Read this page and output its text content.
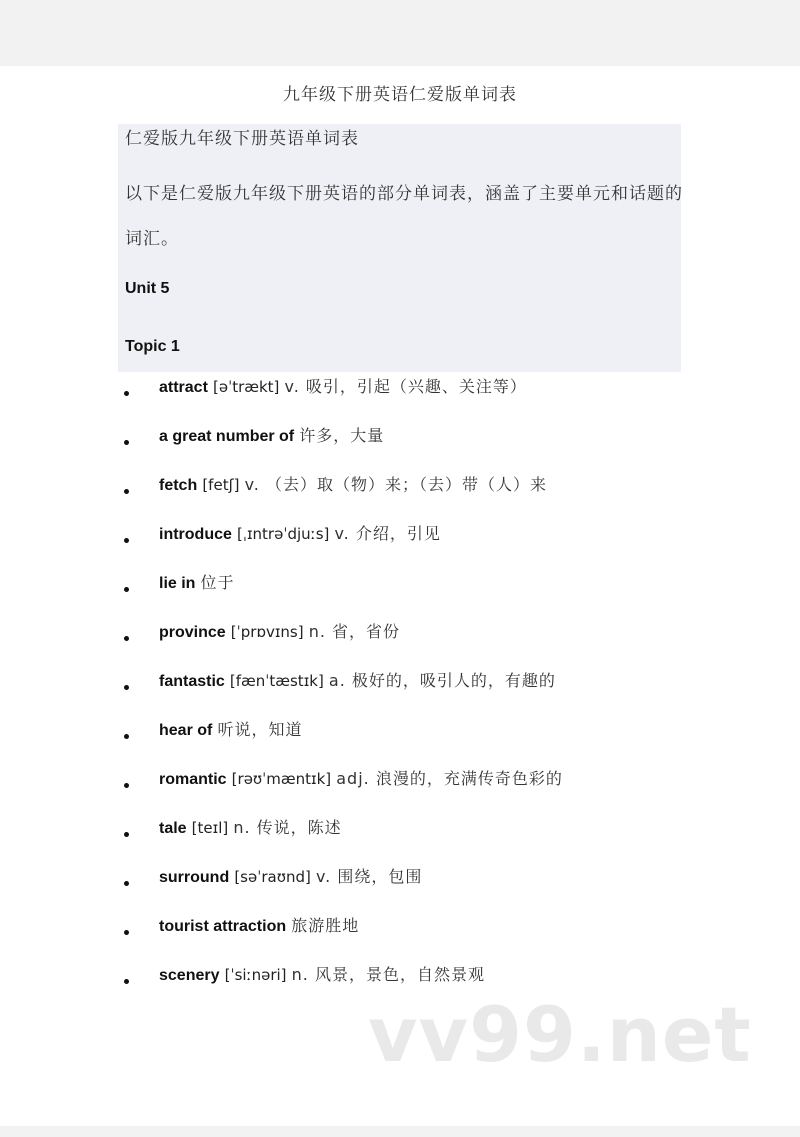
九年级下册英语仁爱版单词表
仁爱版九年级下册英语单词表
以下是仁爱版九年级下册英语的部分单词表，涵盖了主要单元和话题的词汇。
Unit 5
Topic 1
attract [əˈtrækt] v. 吸引，引起（兴趣、关注等）
a great number of 许多，大量
fetch [fetʃ] v. （去）取（物）来；（去）带（人）来
introduce [ˌɪntrəˈdjuːs] v. 介绍，引见
lie in 位于
province [ˈprɒvɪns] n. 省，省份
fantastic [fænˈtæstɪk] a. 极好的，吸引人的，有趣的
hear of 听说，知道
romantic [rəʊˈmæntɪk] adj. 浪漫的，充满传奇色彩的
tale [teɪl] n. 传说，陈述
surround [səˈraʊnd] v. 围绕，包围
tourist attraction 旅游胜地
scenery [ˈsiːnəri] n. 风景，景色，自然景观
vv99.net
